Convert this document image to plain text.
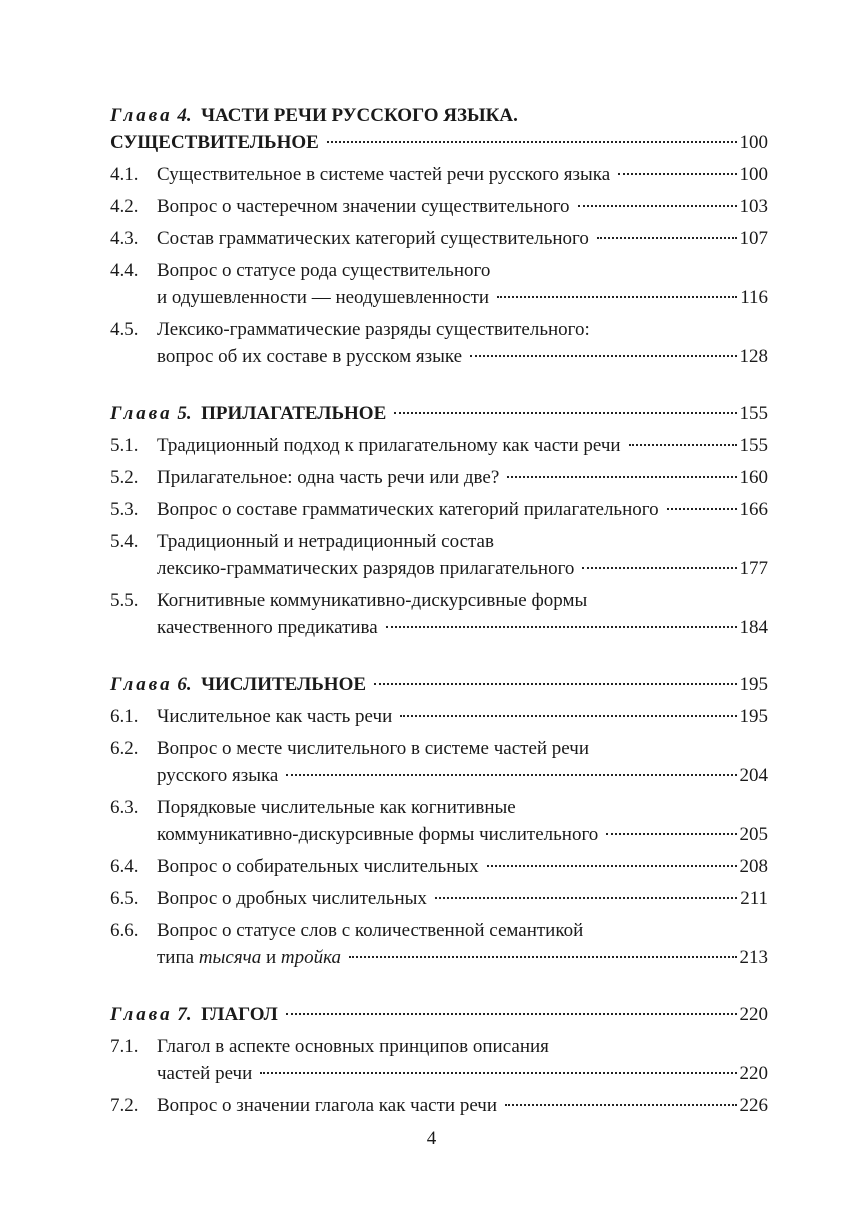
Глава
4.
ЧАСТИ РЕЧИ РУССКОГО ЯЗЫКА.
СУЩЕСТВИТЕЛЬНОЕ	100
4.1. Существительное в системе частей речи русского языка	100
4.2. Вопрос о частеречном значении существительного	103
4.3. Состав грамматических категорий существительного	107
4.4. Вопрос о статусе рода существительного
и одушевленности — неодушевленности	116
4.5. Лексико-грамматические разряды существительного:
вопрос об их составе в русском языке	128
Глава
5.
ПРИЛАГАТЕЛЬНОЕ	155
5.1. Традиционный подход к прилагательному как части речи	155
5.2. Прилагательное: одна часть речи или две?	160
5.3. Вопрос о составе грамматических категорий прилагательного	166
5.4. Традиционный и нетрадиционный состав
лексико-грамматических разрядов прилагательного	177
5.5. Когнитивные коммуникативно-дискурсивные формы
качественного предикатива	184
Глава
6.
ЧИСЛИТЕЛЬНОЕ	195
6.1. Числительное как часть речи	195
6.2. Вопрос о месте числительного в системе частей речи
русского языка	204
6.3. Порядковые числительные как когнитивные
коммуникативно-дискурсивные формы числительного	205
6.4. Вопрос о собирательных числительных	208
6.5. Вопрос о дробных числительных	211
6.6. Вопрос о статусе слов с количественной семантикой
типа тысяча и тройка	213
Глава
7.
ГЛАГОЛ	220
7.1. Глагол в аспекте основных принципов описания
частей речи	220
7.2. Вопрос о значении глагола как части речи	226
4
